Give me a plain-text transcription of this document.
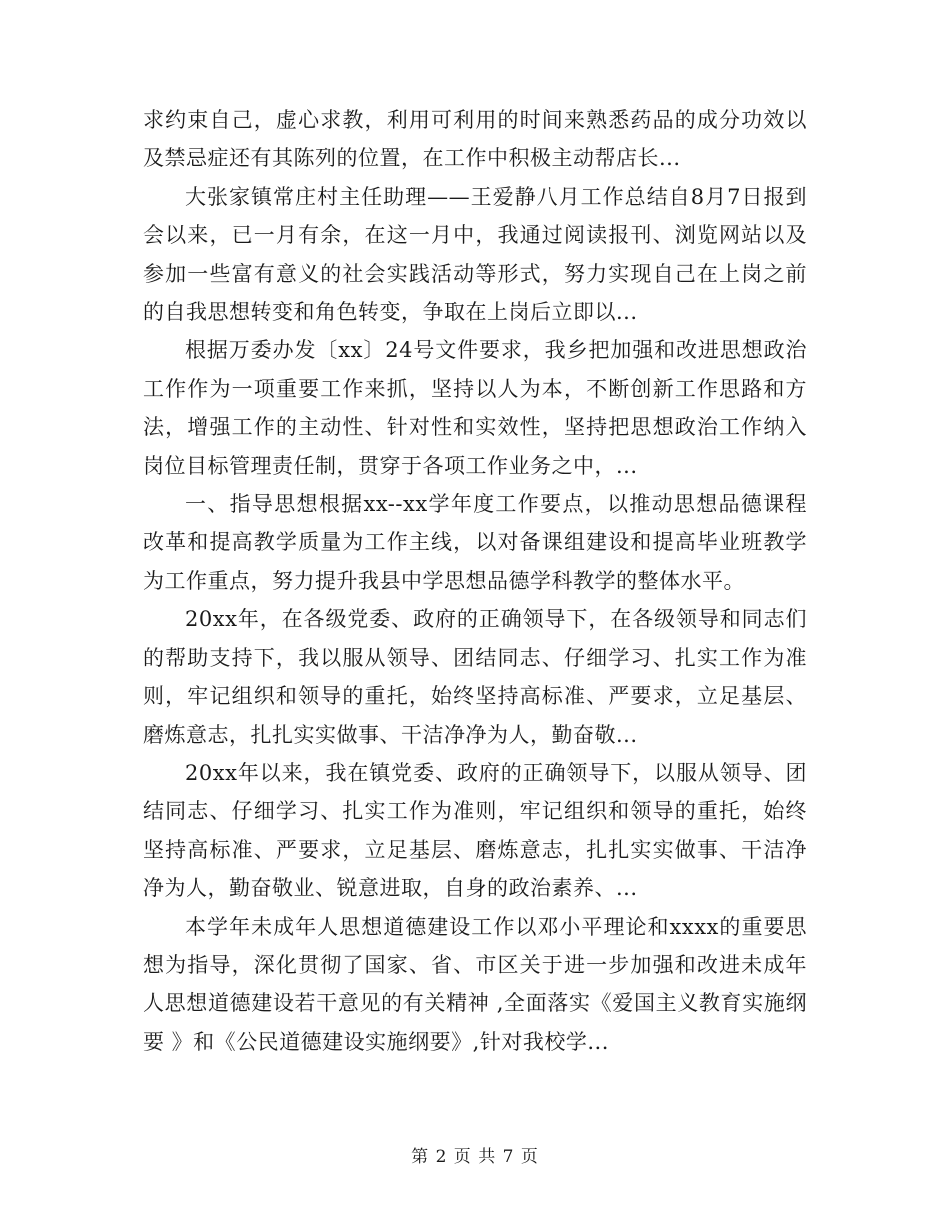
求约束自己，虚心求教，利用可利用的时间来熟悉药品的成分功效以及禁忌症还有其陈列的位置，在工作中积极主动帮店长...

大张家镇常庄村主任助理——王爱静八月工作总结自8月7日报到会以来，已一月有余，在这一月中，我通过阅读报刊、浏览网站以及参加一些富有意义的社会实践活动等形式，努力实现自己在上岗之前的自我思想转变和角色转变，争取在上岗后立即以...

根据万委办发〔xx〕24号文件要求，我乡把加强和改进思想政治工作作为一项重要工作来抓，坚持以人为本，不断创新工作思路和方法，增强工作的主动性、针对性和实效性，坚持把思想政治工作纳入岗位目标管理责任制，贯穿于各项工作业务之中，...

一、指导思想根据xx--xx学年度工作要点，以推动思想品德课程改革和提高教学质量为工作主线，以对备课组建设和提高毕业班教学为工作重点，努力提升我县中学思想品德学科教学的整体水平。

20xx年，在各级党委、政府的正确领导下，在各级领导和同志们的帮助支持下，我以服从领导、团结同志、仔细学习、扎实工作为准则，牢记组织和领导的重托，始终坚持高标准、严要求，立足基层、磨炼意志，扎扎实实做事、干洁净净为人，勤奋敬...

20xx年以来，我在镇党委、政府的正确领导下，以服从领导、团结同志、仔细学习、扎实工作为准则，牢记组织和领导的重托，始终坚持高标准、严要求，立足基层、磨炼意志，扎扎实实做事、干洁净净为人，勤奋敬业、锐意进取，自身的政治素养、...

本学年未成年人思想道德建设工作以邓小平理论和xxxx的重要思想为指导，深化贯彻了国家、省、市区关于进一步加强和改进未成年人思想道德建设若干意见的有关精神 ,全面落实《爱国主义教育实施纲要 》和《公民道德建设实施纲要》,针对我校学...

第 2 页 共 7 页
